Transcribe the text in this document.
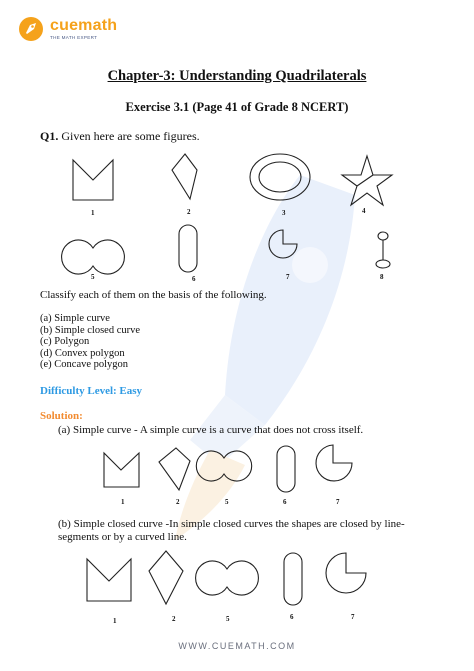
cuemath
THE MATH EXPERT
Chapter-3: Understanding Quadrilaterals
Exercise 3.1 (Page 41 of Grade 8 NCERT)
Q1. Given here are some figures.
1	2	3	4
5	6	7	8
Classify each of them on the basis of the following.
(a) Simple curve
(b) Simple closed curve
(c) Polygon
(d) Convex polygon
(e) Concave polygon
Difficulty Level: Easy
Solution:
(a) Simple curve - A simple curve is a curve that does not cross itself.
1	2	5	6	7
(b) Simple closed curve -In simple closed curves the shapes are closed by line-segments or by a curved line.
1	2	5	6	7
WWW.CUEMATH.COM
